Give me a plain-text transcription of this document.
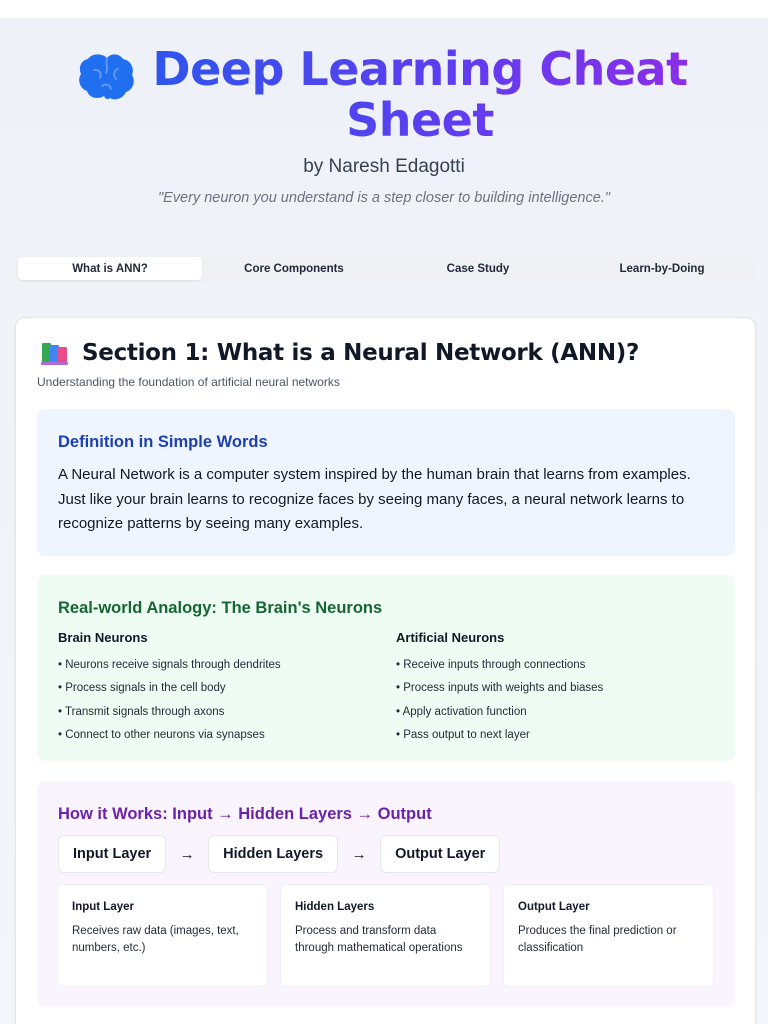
Deep Learning Cheat Sheet
by Naresh Edagotti
"Every neuron you understand is a step closer to building intelligence."
What is ANN?	Core Components	Case Study	Learn-by-Doing
Section 1: What is a Neural Network (ANN)?
Understanding the foundation of artificial neural networks
Definition in Simple Words

A Neural Network is a computer system inspired by the human brain that learns from examples. Just like your brain learns to recognize faces by seeing many faces, a neural network learns to recognize patterns by seeing many examples.

Real-world Analogy: The Brain's Neurons
Brain Neurons
• Neurons receive signals through dendrites
• Process signals in the cell body
• Transmit signals through axons
• Connect to other neurons via synapses
Artificial Neurons
• Receive inputs through connections
• Process inputs with weights and biases
• Apply activation function
• Pass output to next layer
How it Works: Input → Hidden Layers → Output
Input Layer	→	Hidden Layers	→	Output Layer
Input Layer
Receives raw data (images, text, numbers, etc.)
Hidden Layers
Process and transform data through mathematical operations
Output Layer
Produces the final prediction or classification
